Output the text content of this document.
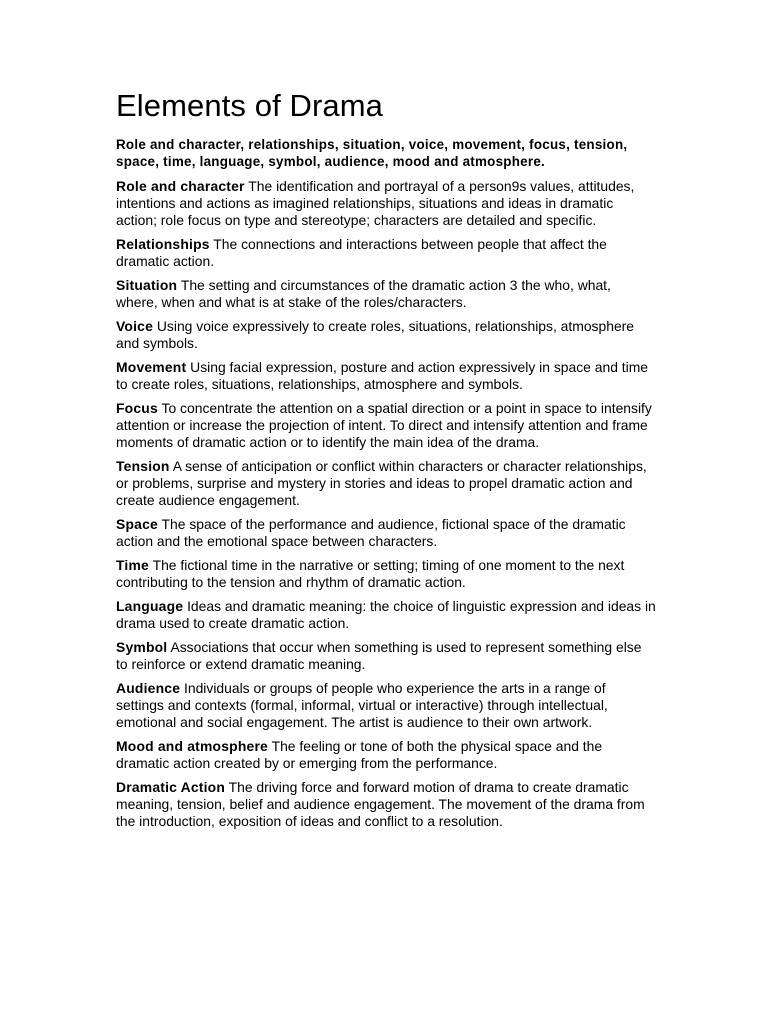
Elements of Drama

Role and character, relationships, situation, voice, movement, focus, tension, space, time, language, symbol, audience, mood and atmosphere.

Role and character The identification and portrayal of a person9s values, attitudes, intentions and actions as imagined relationships, situations and ideas in dramatic action; role focus on type and stereotype; characters are detailed and specific.

Relationships The connections and interactions between people that affect the dramatic action.

Situation The setting and circumstances of the dramatic action 3 the who, what, where, when and what is at stake of the roles/characters.

Voice Using voice expressively to create roles, situations, relationships, atmosphere and symbols.

Movement Using facial expression, posture and action expressively in space and time to create roles, situations, relationships, atmosphere and symbols.

Focus To concentrate the attention on a spatial direction or a point in space to intensify attention or increase the projection of intent. To direct and intensify attention and frame moments of dramatic action or to identify the main idea of the drama.

Tension A sense of anticipation or conflict within characters or character relationships, or problems, surprise and mystery in stories and ideas to propel dramatic action and create audience engagement.

Space The space of the performance and audience, fictional space of the dramatic action and the emotional space between characters.

Time The fictional time in the narrative or setting; timing of one moment to the next contributing to the tension and rhythm of dramatic action.

Language Ideas and dramatic meaning: the choice of linguistic expression and ideas in drama used to create dramatic action.

Symbol Associations that occur when something is used to represent something else to reinforce or extend dramatic meaning.

Audience Individuals or groups of people who experience the arts in a range of settings and contexts (formal, informal, virtual or interactive) through intellectual, emotional and social engagement. The artist is audience to their own artwork.

Mood and atmosphere The feeling or tone of both the physical space and the dramatic action created by or emerging from the performance.

Dramatic Action The driving force and forward motion of drama to create dramatic meaning, tension, belief and audience engagement. The movement of the drama from the introduction, exposition of ideas and conflict to a resolution.
